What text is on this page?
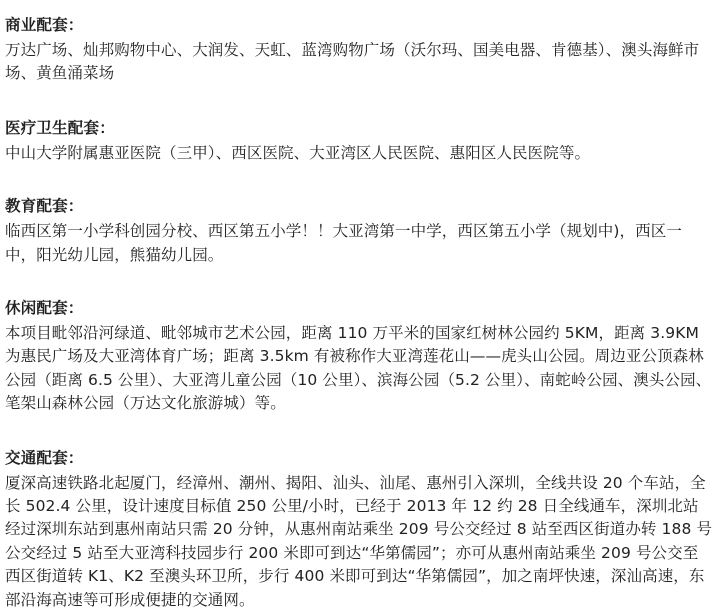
商业配套：

万达广场、灿邦购物中心、大润发、天虹、蓝湾购物广场（沃尔玛、国美电器、肯德基）、澳头海鲜市场、黄鱼涌菜场

医疗卫生配套：

中山大学附属惠亚医院（三甲）、西区医院、大亚湾区人民医院、惠阳区人民医院等。

教育配套：

临西区第一小学科创园分校、西区第五小学！！大亚湾第一中学，西区第五小学（规划中)，西区一中，阳光幼儿园，熊猫幼儿园。

休闲配套：

本项目毗邻沿河绿道、毗邻城市艺术公园，距离 110 万平米的国家红树林公园约 5KM，距离 3.9KM 为惠民广场及大亚湾体育广场；距离 3.5km 有被称作大亚湾莲花山——虎头山公园。周边亚公顶森林公园（距离 6.5 公里）、大亚湾儿童公园（10 公里）、滨海公园（5.2 公里）、南蛇岭公园、澳头公园、笔架山森林公园（万达文化旅游城）等。

交通配套：

厦深高速铁路北起厦门，经漳州、潮州、揭阳、汕头、汕尾、惠州引入深圳，全线共设 20 个车站，全长 502.4 公里，设计速度目标值 250 公里/小时，已经于 2013 年 12 约 28 日全线通车，深圳北站经过深圳东站到惠州南站只需 20 分钟，从惠州南站乘坐 209 号公交经过 8 站至西区街道办转 188 号公交经过 5 站至大亚湾科技园步行 200 米即可到达“华第儒园”；亦可从惠州南站乘坐 209 号公交至西区街道转 K1、K2 至澳头环卫所，步行 400 米即可到达“华第儒园”，加之南坪快速，深汕高速，东部沿海高速等可形成便捷的交通网。
